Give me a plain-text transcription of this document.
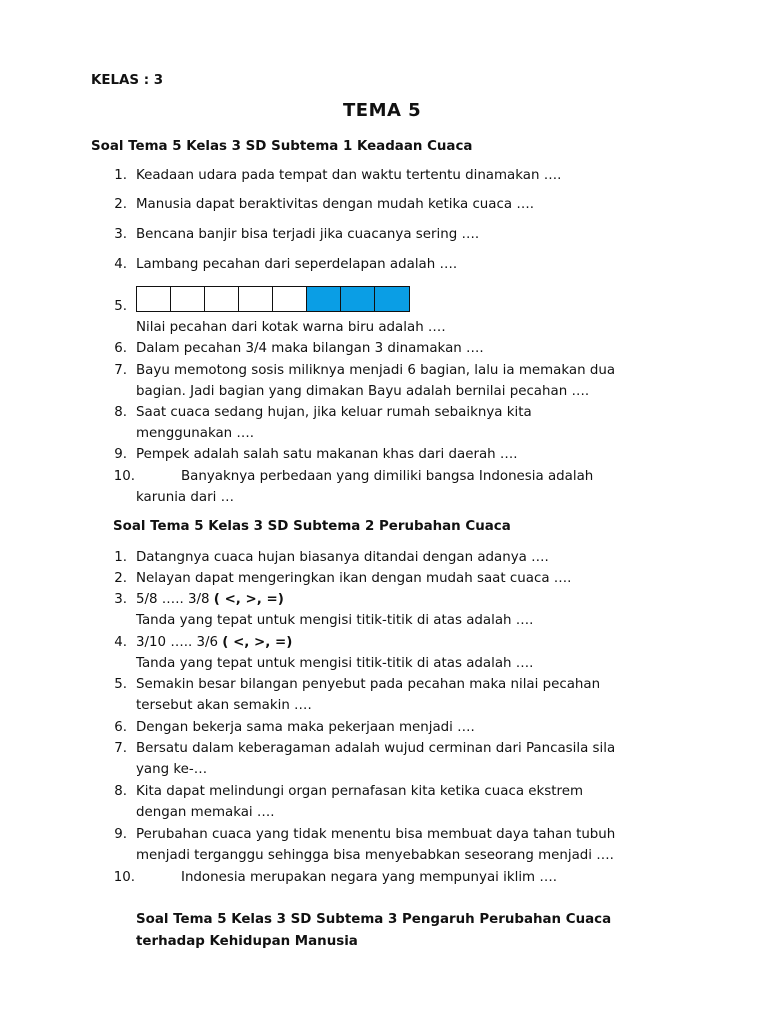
KELAS : 3
TEMA 5
Soal Tema 5 Kelas 3 SD Subtema 1 Keadaan Cuaca
1. Keadaan udara pada tempat dan waktu tertentu dinamakan ….
2. Manusia dapat beraktivitas dengan mudah ketika cuaca ….
3. Bencana banjir bisa terjadi jika cuacanya sering ….
4. Lambang pecahan dari seperdelapan adalah ….
5.
Nilai pecahan dari kotak warna biru adalah ….
6. Dalam pecahan 3/4 maka bilangan 3 dinamakan ….
7. Bayu memotong sosis miliknya menjadi 6 bagian, lalu ia memakan dua
bagian. Jadi bagian yang dimakan Bayu adalah bernilai pecahan ….
8. Saat cuaca sedang hujan, jika keluar rumah sebaiknya kita
menggunakan ….
9. Pempek adalah salah satu makanan khas dari daerah ….
10.	Banyaknya perbedaan yang dimiliki bangsa Indonesia adalah
karunia dari …
Soal Tema 5 Kelas 3 SD Subtema 2 Perubahan Cuaca
1. Datangnya cuaca hujan biasanya ditandai dengan adanya ….
2. Nelayan dapat mengeringkan ikan dengan mudah saat cuaca ….
3. 5/8 ….. 3/8 ( <, >, =)
Tanda yang tepat untuk mengisi titik-titik di atas adalah ….
4. 3/10 ….. 3/6 ( <, >, =)
Tanda yang tepat untuk mengisi titik-titik di atas adalah ….
5. Semakin besar bilangan penyebut pada pecahan maka nilai pecahan
tersebut akan semakin ….
6. Dengan bekerja sama maka pekerjaan menjadi ….
7. Bersatu dalam keberagaman adalah wujud cerminan dari Pancasila sila
yang ke-…
8. Kita dapat melindungi organ pernafasan kita ketika cuaca ekstrem
dengan memakai ….
9. Perubahan cuaca yang tidak menentu bisa membuat daya tahan tubuh
menjadi terganggu sehingga bisa menyebabkan seseorang menjadi ….
10.	Indonesia merupakan negara yang mempunyai iklim ….
Soal Tema 5 Kelas 3 SD Subtema 3 Pengaruh Perubahan Cuaca
terhadap Kehidupan Manusia
